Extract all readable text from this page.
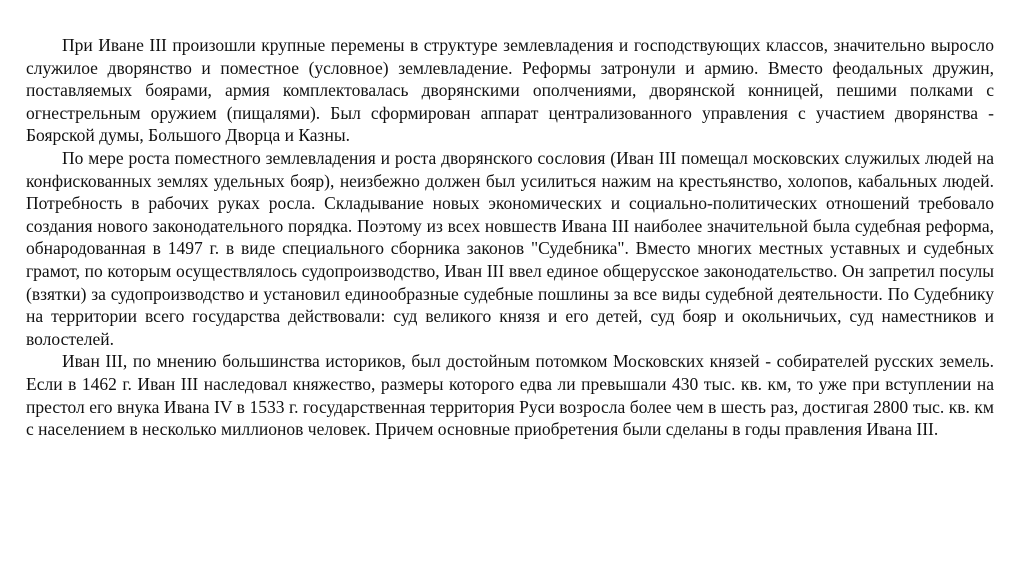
При Иване III произошли крупные перемены в структуре землевладения и господствующих классов, значительно выросло служилое дворянство и поместное (условное) землевладение. Реформы затронули и армию. Вместо феодальных дружин, поставляемых боярами, армия комплектовалась дворянскими ополчениями, дворянской конницей, пешими полками с огнестрельным оружием (пищалями). Был сформирован аппарат централизованного управления с участием дворянства - Боярской думы, Большого Дворца и Казны.

По мере роста поместного землевладения и роста дворянского сословия (Иван III помещал московских служилых людей на конфискованных землях удельных бояр), неизбежно должен был усилиться нажим на крестьянство, холопов, кабальных людей. Потребность в рабочих руках росла. Складывание новых экономических и социально-политических отношений требовало создания нового законодательного порядка. Поэтому из всех новшеств Ивана III наиболее значительной была судебная реформа, обнародованная в 1497 г. в виде специального сборника законов "Судебника". Вместо многих местных уставных и судебных грамот, по которым осуществлялось судопроизводство, Иван III ввел единое общерусское законодательство. Он запретил посулы (взятки) за судопроизводство и установил единообразные судебные пошлины за все виды судебной деятельности. По Судебнику на территории всего государства действовали: суд великого князя и его детей, суд бояр и окольничьих, суд наместников и волостелей.

Иван III, по мнению большинства историков, был достойным потомком Московских князей - собирателей русских земель. Если в 1462 г. Иван III наследовал княжество, размеры которого едва ли превышали 430 тыс. кв. км, то уже при вступлении на престол его внука Ивана IV в 1533 г. государственная территория Руси возросла более чем в шесть раз, достигая 2800 тыс. кв. км с населением в несколько миллионов человек. Причем основные приобретения были сделаны в годы правления Ивана III.
